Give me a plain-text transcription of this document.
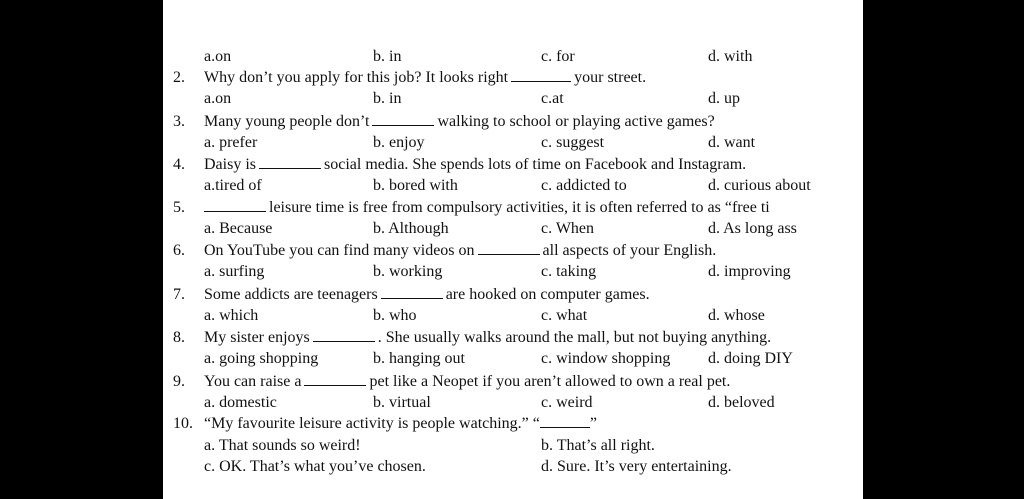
a.on	b. in	c. for	d. with
2. Why don’t you apply for this job? It looks right	your street.
a.on	b. in	c.at	d. up
3. Many young people don’t	walking to school or playing active games?
a. prefer	b. enjoy	c. suggest	d. want
4. Daisy is	social media. She spends lots of time on Facebook and Instagram.
a.tired of	b. bored with	c. addicted to	d. curious about
5.	leisure time is free from compulsory activities, it is often referred to as “free ti
a. Because	b. Although	c. When	d. As long ass
6. On YouTube you can find many videos on	all aspects of your English.
a. surfing	b. working	c. taking	d. improving
7. Some addicts are teenagers	are hooked on computer games.
a. which	b. who	c. what	d. whose
8. My sister enjoys	. She usually walks around the mall, but not buying anything.
a. going shopping	b. hanging out	c. window shopping d. doing DIY
9. You can raise a	pet like a Neopet if you aren’t allowed to own a real pet.
a. domestic	b. virtual	c. weird	d. beloved
10. “My favourite leisure activity is people watching.” “	”
a. That sounds so weird!	b. That’s all right.
c. OK. That’s what you’ve chosen.	d. Sure. It’s very entertaining.
